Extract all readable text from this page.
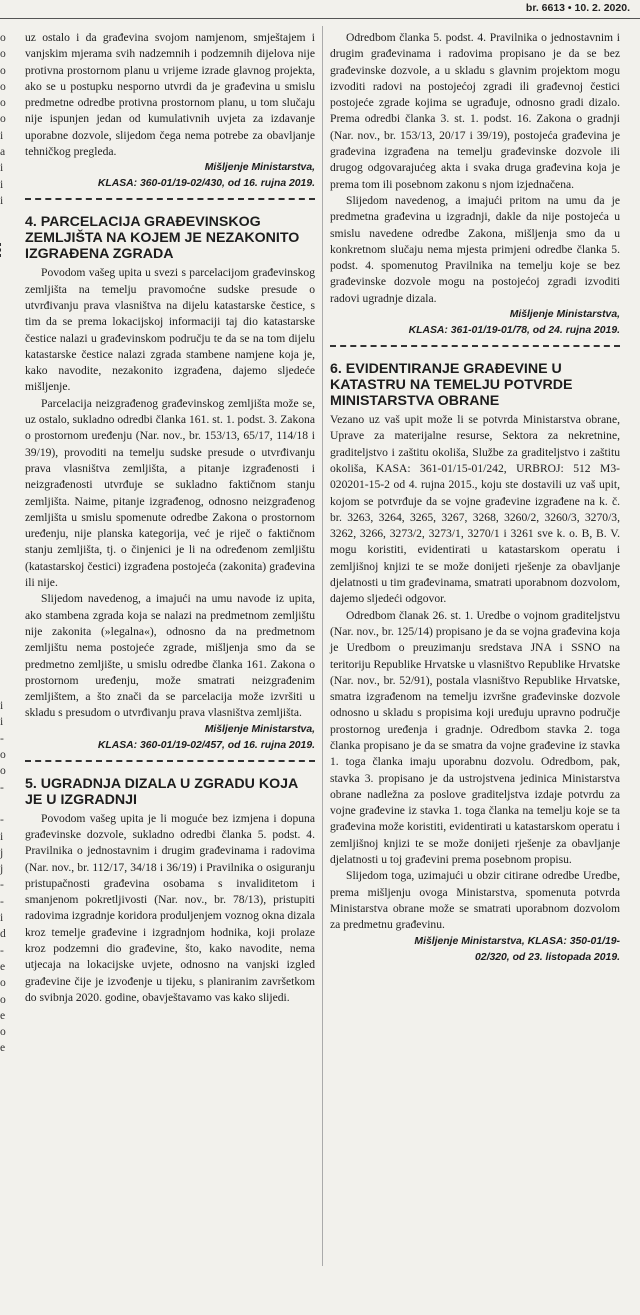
br. 6613 • 10. 2. 2020.
o
o
o
o
o
o
i
a
i
i
i
i
i
-
o
o
-
-
i
j
j
-
-
i
d
-
e
o
o
e
o
e

uz ostalo i da građevina svojom namjenom, smještajem i vanjskim mjerama svih nadzemnih i podzemnih dijelova nije protivna prostornom planu u vrijeme izrade glavnog projekta, ako se u postupku nesporno utvrdi da je građevina u smislu predmetne odredbe protivna prostornom planu, u tom slučaju nije ispunjen jedan od kumulativnih uvjeta za izdavanje uporabne dozvole, slijedom čega nema potrebe za obavljanje tehničkog pregleda.

Mišljenje Ministarstva,
KLASA: 360-01/19-02/430, od 16. rujna 2019.
4. PARCELACIJA GRAĐEVINSKOG ZEMLJIŠTA NA KOJEM JE NEZAKONITO IZGRAĐENA ZGRADA

Povodom vašeg upita u svezi s parcelacijom građevinskog zemljišta na temelju pravomoćne sudske presude o utvrđivanju prava vlasništva na dijelu katastarske čestice, s tim da se prema lokacijskoj informaciji taj dio katastarske čestice nalazi u građevinskom području te da se na tom dijelu katastarske čestice nalazi zgrada stambene namjene koja je, kako navodite, nezakonito izgrađena, dajemo sljedeće mišljenje.

Parcelacija neizgrađenog građevinskog zemljišta može se, uz ostalo, sukladno odredbi članka 161. st. 1. podst. 3. Zakona o prostornom uređenju (Nar. nov., br. 153/13, 65/17, 114/18 i 39/19), provoditi na temelju sudske presude o utvrđivanju prava vlasništva zemljišta, a pitanje izgrađenosti i neizgrađenosti utvrđuje se sukladno faktičnom stanju zemljišta. Naime, pitanje izgrađenog, odnosno neizgrađenog zemljišta u smislu spomenute odredbe Zakona o prostornom uređenju, nije planska kategorija, već je riječ o faktičnom stanju zemljišta, tj. o činjenici je li na određenom zemljištu (katastarskoj čestici) izgrađena postojeća (zakonita) građevina ili nije.

Slijedom navedenog, a imajući na umu navode iz upita, ako stambena zgrada koja se nalazi na predmetnom zemljištu nije zakonita (»legalna«), odnosno da na predmetnom zemljištu nema postojeće zgrade, mišljenja smo da se predmetno zemljište, u smislu odredbe članka 161. Zakona o prostornom uređenju, može smatrati neizgrađenim zemljištem, a što znači da se parcelacija može izvršiti u skladu s presudom o utvrđivanju prava vlasništva zemljišta.

Mišljenje Ministarstva,
KLASA: 360-01/19-02/457, od 16. rujna 2019.
5. UGRADNJA DIZALA U ZGRADU KOJA JE U IZGRADNJI

Povodom vašeg upita je li moguće bez izmjena i dopuna građevinske dozvole, sukladno odredbi članka 5. podst. 4. Pravilnika o jednostavnim i drugim građevinama i radovima (Nar. nov., br. 112/17, 34/18 i 36/19) i Pravilnika o osiguranju pristupačnosti građevina osobama s invaliditetom i smanjenom pokretljivosti (Nar. nov., br. 78/13), pristupiti radovima izgradnje koridora produljenjem voznog okna dizala kroz temelje građevine i izgradnjom hodnika, koji prolaze kroz podzemni dio građevine, što, kako navodite, nema utjecaja na lokacijske uvjete, odnosno na vanjski izgled građevine čije je izvođenje u tijeku, s planiranim završetkom do svibnja 2020. godine, obavještavamo vas kako slijedi.

Odredbom članka 5. podst. 4. Pravilnika o jednostavnim i drugim građevinama i radovima propisano je da se bez građevinske dozvole, a u skladu s glavnim projektom mogu izvoditi radovi na postojećoj zgradi ili građevnoj čestici postojeće zgrade kojima se ugrađuje, odnosno gradi dizalo. Prema odredbi članka 3. st. 1. podst. 16. Zakona o gradnji (Nar. nov., br. 153/13, 20/17 i 39/19), postojeća građevina je građevina izgrađena na temelju građevinske dozvole ili drugog odgovarajućeg akta i svaka druga građevina koja je prema tom ili posebnom zakonu s njom izjednačena.

Slijedom navedenog, a imajući pritom na umu da je predmetna građevina u izgradnji, dakle da nije postojeća u smislu navedene odredbe Zakona, mišljenja smo da u konkretnom slučaju nema mjesta primjeni odredbe članka 5. podst. 4. spomenutog Pravilnika na temelju koje se bez građevinske dozvole mogu na postojećoj zgradi izvoditi radovi ugradnje dizala.

Mišljenje Ministarstva,
KLASA: 361-01/19-01/78, od 24. rujna 2019.
6. EVIDENTIRANJE GRAĐEVINE U KATASTRU NA TEMELJU POTVRDE MINISTARSTVA OBRANE

Vezano uz vaš upit može li se potvrda Ministarstva obrane, Uprave za materijalne resurse, Sektora za nekretnine, graditeljstvo i zaštitu okoliša, Službe za graditeljstvo i zaštitu okoliša, KASA: 361-01/15-01/242, URBROJ: 512 M3-020201-15-2 od 4. rujna 2015., koju ste dostavili uz vaš upit, kojom se potvrđuje da se vojne građevine izgrađene na k. č. br. 3263, 3264, 3265, 3267, 3268, 3260/2, 3260/3, 3270/3, 3262, 3266, 3273/2, 3273/1, 3270/1 i 3261 sve k. o. B, B. V. mogu koristiti, evidentirati u katastarskom operatu i zemljišnoj knjizi te se može donijeti rješenje za obavljanje djelatnosti u tim građevinama, smatrati uporabnom dozvolom, dajemo sljedeći odgovor.

Odredbom članak 26. st. 1. Uredbe o vojnom graditeljstvu (Nar. nov., br. 125/14) propisano je da se vojna građevina koja je Uredbom o preuzimanju sredstava JNA i SSNO na teritoriju Republike Hrvatske u vlasništvo Republike Hrvatske (Nar. nov., br. 52/91), postala vlasništvo Republike Hrvatske, smatra izgrađenom na temelju izvršne građevinske dozvole odnosno u skladu s propisima koji uređuju upravno područje prostornog uređenja i gradnje. Odredbom stavka 2. toga članka propisano je da se smatra da vojne građevine iz stavka 1. toga članka imaju uporabnu dozvolu. Odredbom, pak, stavka 3. propisano je da ustrojstvena jedinica Ministarstva obrane nadležna za poslove graditeljstva izdaje potvrdu za vojne građevine iz stavka 1. toga članka na temelju koje se ta građevina može koristiti, evidentirati u katastarskom operatu i zemljišnoj knjizi te se može donijeti rješenje za obavljanje djelatnosti u toj građevini prema posebnom propisu.

Slijedom toga, uzimajući u obzir citirane odredbe Uredbe, prema mišljenju ovoga Ministarstva, spomenuta potvrda Ministarstva obrane može se smatrati uporabnom dozvolom za predmetnu građevinu.

Mišljenje Ministarstva, KLASA: 350-01/19-
02/320, od 23. listopada 2019.
